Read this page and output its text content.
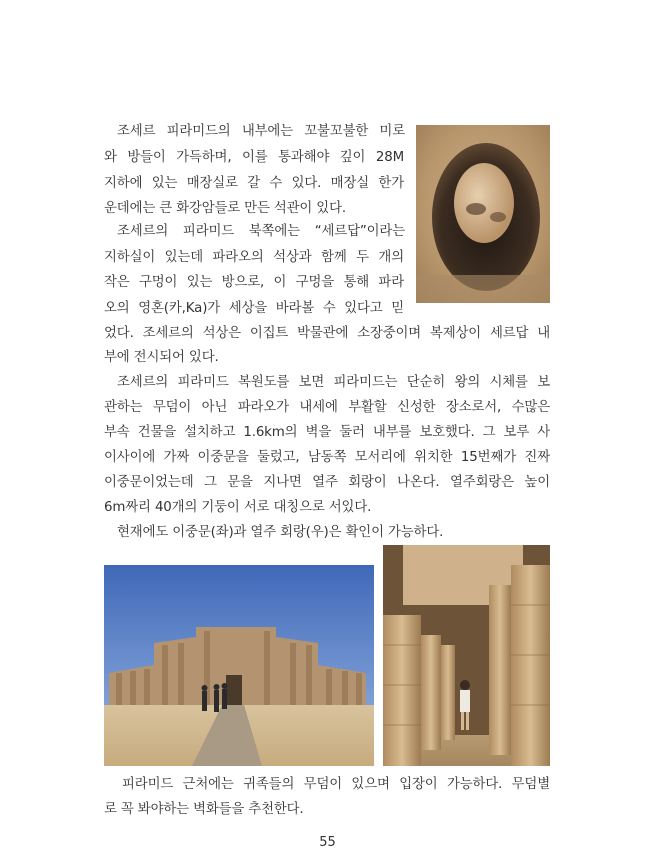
조세르 피라미드의 내부에는 꼬불꼬불한 미로
와 방들이 가득하며, 이를 통과해야 깊이 28M
지하에 있는 매장실로 갈 수 있다. 매장실 한가
운데에는 큰 화강암들로 만든 석관이 있다.
조세르의 피라미드 북쪽에는 “세르답”이라는
지하실이 있는데 파라오의 석상과 함께 두 개의
작은 구멍이 있는 방으로, 이 구멍을 통해 파라
오의 영혼(카,Ka)가 세상을 바라볼 수 있다고 믿
었다. 조세르의 석상은 이집트 박물관에 소장중이며 복제상이 세르답 내
부에 전시되어 있다.
조세르의 피라미드 복원도를 보면 피라미드는 단순히 왕의 시체를 보
관하는 무덤이 아닌 파라오가 내세에 부활할 신성한 장소로서, 수많은
부속 건물을 설치하고 1.6km의 벽을 둘러 내부를 보호했다. 그 보루 사
이사이에 가짜 이중문을 둘렀고, 남동쪽 모서리에 위치한 15번째가 진짜
이중문이었는데 그 문을 지나면 열주 회랑이 나온다. 열주회랑은 높이
6m짜리 40개의 기둥이 서로 대칭으로 서있다.
현재에도 이중문(좌)과 열주 회랑(우)은 확인이 가능하다.
피라미드 근처에는 귀족들의 무덤이 있으며 입장이 가능하다. 무덤별
로 꼭 봐야하는 벽화들을 추천한다.
55
